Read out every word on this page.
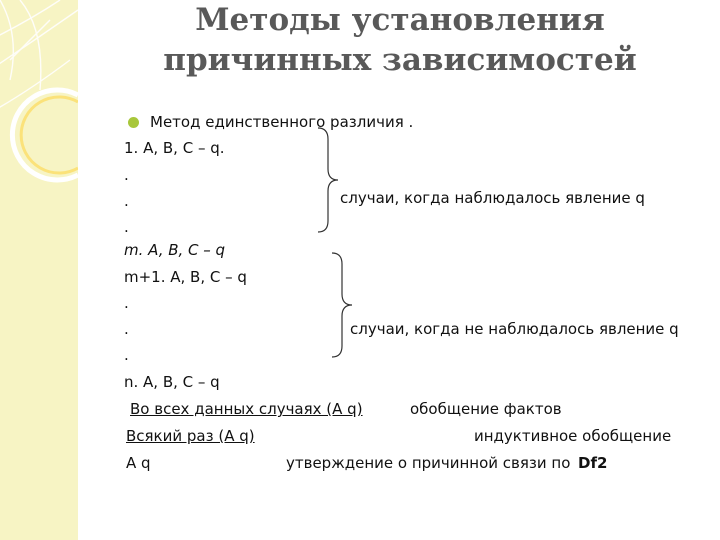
Методы установления
причинных зависимостей
Метод единственного различия .
1. А, В, С – q.
.
.
.
m. A, B, C – q
m+1. A, B, C – q
.
.
.
n. A, B, C – q
случаи, когда наблюдалось явление q
случаи, когда не наблюдалось явление q
Во всех данных случаях (A q)	обобщение фактов
Всякий раз (A q)	индуктивное обобщение
A q	утверждение о причинной связи по Df2
